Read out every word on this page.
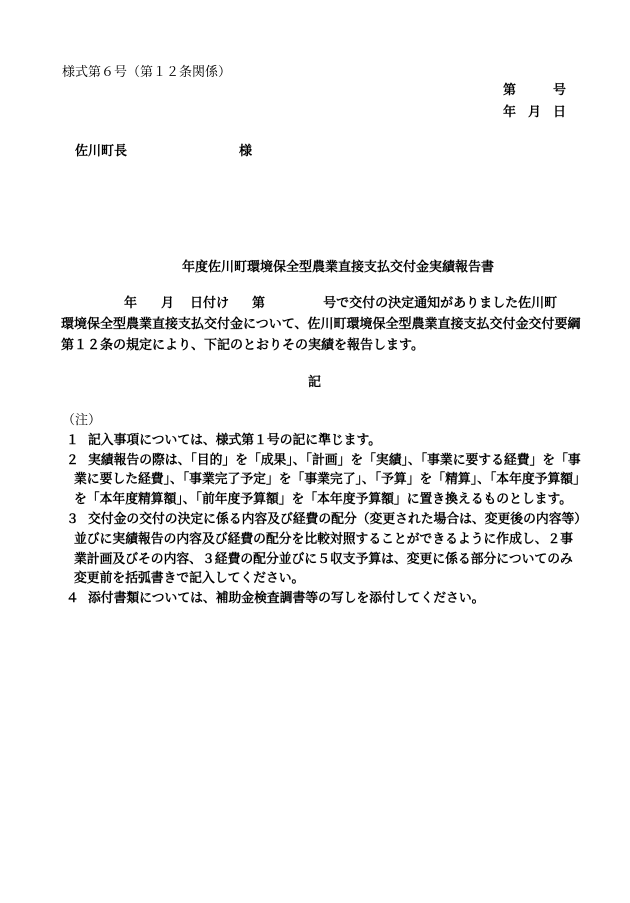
様式第６号（第１２条関係）
第	号
年 月 日
佐川町長	様
年度佐川町環境保全型農業直接支払交付金実績報告書
年 月 日付け 第	号で交付の決定通知がありました佐川町
環境保全型農業直接支払交付金について、佐川町環境保全型農業直接支払交付金交付要綱
第１２条の規定により、下記のとおりその実績を報告します。
記
（注）
１ 記入事項については、様式第１号の記に準じます。
２ 実績報告の際は、「目的」を「成果」、「計画」を「実績」、「事業に要する経費」を「事
業に要した経費」、「事業完了予定」を「事業完了」、「予算」を「精算」、「本年度予算額」
を「本年度精算額」、「前年度予算額」を「本年度予算額」に置き換えるものとします。
３ 交付金の交付の決定に係る内容及び経費の配分（変更された場合は、変更後の内容等）
並びに実績報告の内容及び経費の配分を比較対照することができるように作成し、２事
業計画及びその内容、３経費の配分並びに５収支予算は、変更に係る部分についてのみ
変更前を括弧書きで記入してください。
４ 添付書類については、補助金検査調書等の写しを添付してください。
